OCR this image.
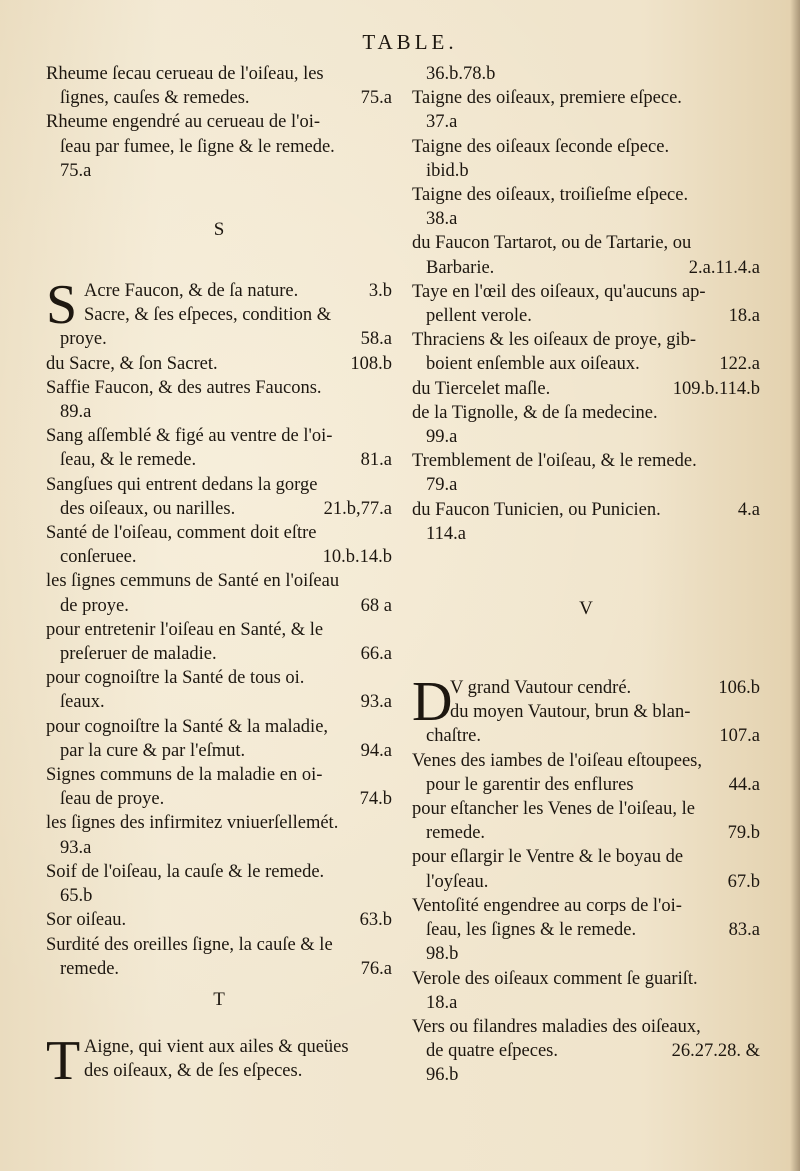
TABLE.
Rheume ſecau cerueau de l'oiſeau, les
ſignes, cauſes & remedes.	75.a
Rheume engendré au cerueau de l'oi-
ſeau par fumee, le ſigne & le remede.
75.a
S
S Acre Faucon, & de ſa nature.	3.b
Sacre, & ſes eſpeces, condition &
proye.	58.a
du Sacre, & ſon Sacret.	108.b
Saffie Faucon, & des autres Faucons.
89.a
Sang aſſemblé & figé au ventre de l'oi-
ſeau, & le remede.	81.a
Sangſues qui entrent dedans la gorge
des oiſeaux, ou narilles.	21.b,77.a
Santé de l'oiſeau, comment doit eſtre
conſeruee.	10.b.14.b
les ſignes cemmuns de Santé en l'oiſeau
de proye.	68 a
pour entretenir l'oiſeau en Santé, & le
preſeruer de maladie.	66.a
pour cognoiſtre la Santé de tous oi.
ſeaux.	93.a
pour cognoiſtre la Santé & la maladie,
par la cure & par l'eſmut.	94.a
Signes communs de la maladie en oi-
ſeau de proye.	74.b
les ſignes des infirmitez vniuerſellemét.
93.a
Soif de l'oiſeau, la cauſe & le remede.
65.b
Sor oiſeau.	63.b
Surdité des oreilles ſigne, la cauſe & le
remede.	76.a
T
T Aigne, qui vient aux ailes & queües
des oiſeaux, & de ſes eſpeces.
36.b.78.b
Taigne des oiſeaux, premiere eſpece.
37.a
Taigne des oiſeaux ſeconde eſpece.
ibid.b
Taigne des oiſeaux, troiſieſme eſpece.
38.a
du Faucon Tartarot, ou de Tartarie, ou
Barbarie.	2.a.11.4.a
Taye en l'œil des oiſeaux, qu'aucuns ap-
pellent verole.	18.a
Thraciens & les oiſeaux de proye, gib-
boient enſemble aux oiſeaux.	122.a
du Tiercelet maſle.	109.b.114.b
de la Tignolle, & de ſa medecine.
99.a
Tremblement de l'oiſeau, & le remede.
79.a
du Faucon Tunicien, ou Punicien.	4.a
114.a
V
D
V grand Vautour cendré.	106.b
du moyen Vautour, brun & blan-
chaſtre.	107.a
Venes des iambes de l'oiſeau eſtoupees,
pour le garentir des enflures	44.a
pour eſtancher les Venes de l'oiſeau, le
remede.	79.b
pour eſlargir le Ventre & le boyau de
l'oyſeau.	67.b
Ventoſité engendree au corps de l'oi-
ſeau, les ſignes & le remede.	83.a
98.b
Verole des oiſeaux comment ſe guariſt.
18.a
Vers ou filandres maladies des oiſeaux,
de quatre eſpeces.	26.27.28. &
96.b
